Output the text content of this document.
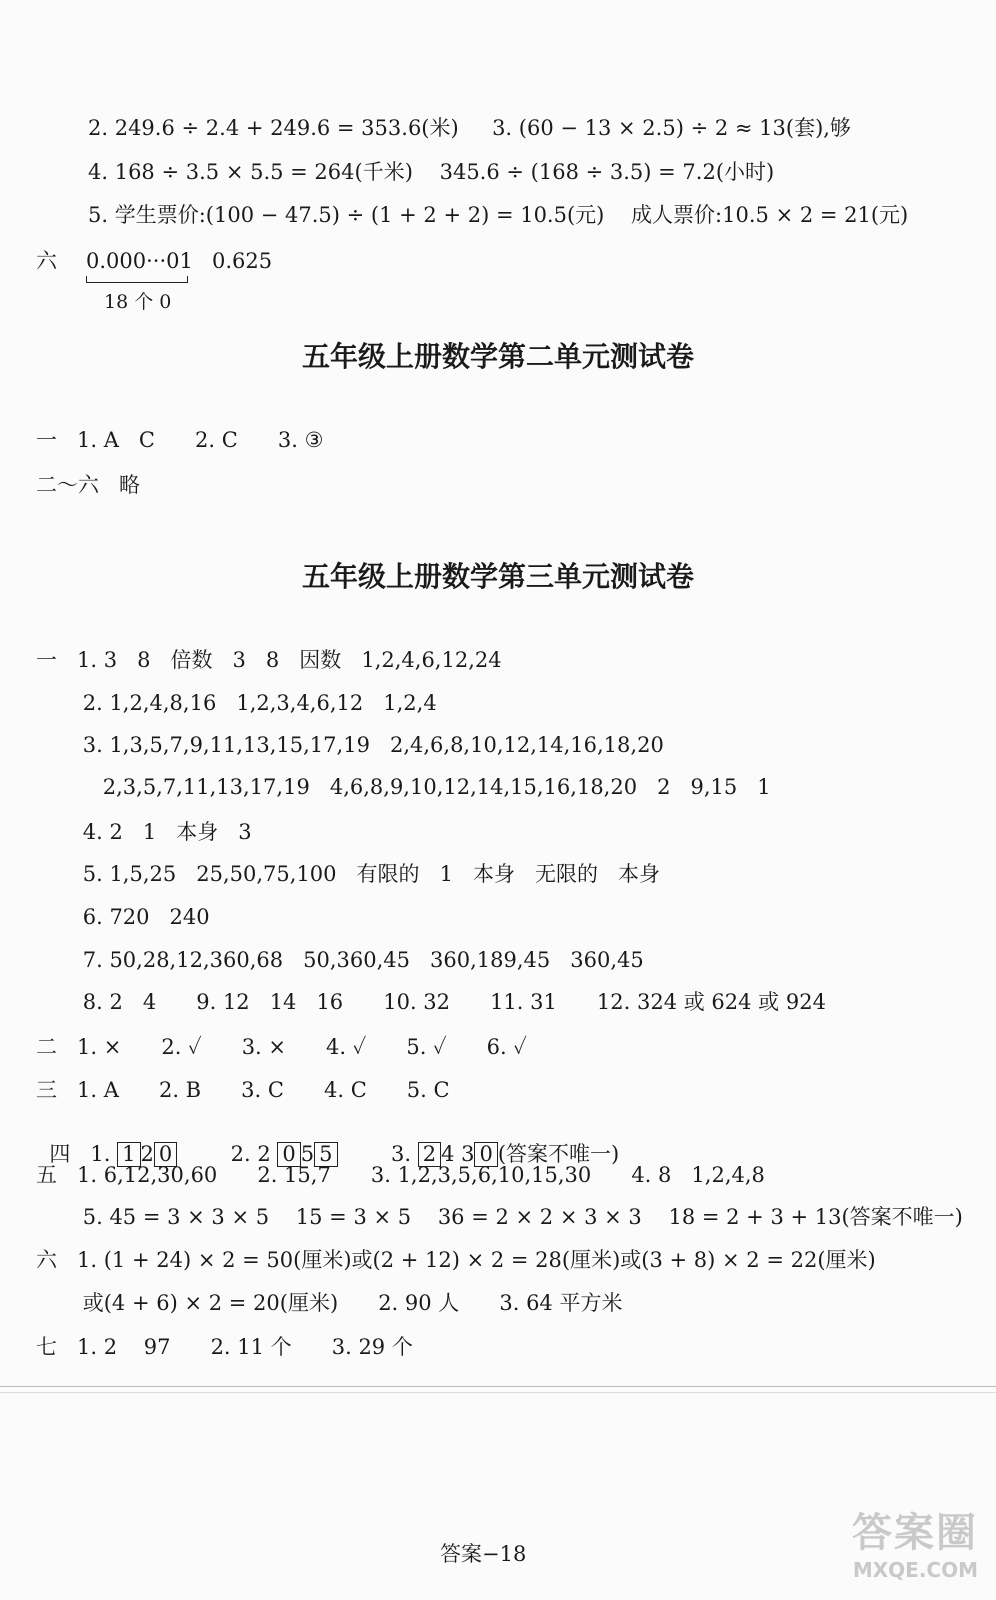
2. 249.6 ÷ 2.4 + 249.6 = 353.6(米)     3. (60 − 13 × 2.5) ÷ 2 ≈ 13(套),够
4. 168 ÷ 3.5 × 5.5 = 264(千米)    345.6 ÷ (168 ÷ 3.5) = 7.2(小时)
5. 学生票价:(100 − 47.5) ÷ (1 + 2 + 2) = 10.5(元)    成人票价:10.5 × 2 = 21(元)
六 0.000···01 0.625
18 个 0
五年级上册数学第二单元测试卷
一   1. A   C      2. C      3. ③
二～六   略
五年级上册数学第三单元测试卷
一   1. 3   8   倍数   3   8   因数   1,2,4,6,12,24
2. 1,2,4,8,16   1,2,3,4,6,12   1,2,4
3. 1,3,5,7,9,11,13,15,17,19   2,4,6,8,10,12,14,16,18,20
2,3,5,7,11,13,17,19   4,6,8,9,10,12,14,15,16,18,20   2   9,15   1
4. 2   1   本身   3
5. 1,5,25   25,50,75,100   有限的   1   本身   无限的   本身
6. 720   240
7. 50,28,12,360,68   50,360,45   360,189,45   360,45
8. 2   4      9. 12   14   16      10. 32      11. 31      12. 324 或 624 或 924
二   1. ×      2. ✓      3. ×      4. ✓      5. ✓      6. ✓
三   1. A      2. B      3. C      4. C      5. C

四 1. 1 2 0	2. 2 0 5 5	3. 2 4 3 0 (答案不唯一)

五   1. 6,12,30,60      2. 15,7      3. 1,2,3,5,6,10,15,30      4. 8   1,2,4,8
5. 45 = 3 × 3 × 5    15 = 3 × 5    36 = 2 × 2 × 3 × 3    18 = 2 + 3 + 13(答案不唯一)
六   1. (1 + 24) × 2 = 50(厘米)或(2 + 12) × 2 = 28(厘米)或(3 + 8) × 2 = 22(厘米)
或(4 + 6) × 2 = 20(厘米)      2. 90 人      3. 64 平方米
七   1. 2    97      2. 11 个      3. 29 个
答案−18	答案圈
MXQE.COM
